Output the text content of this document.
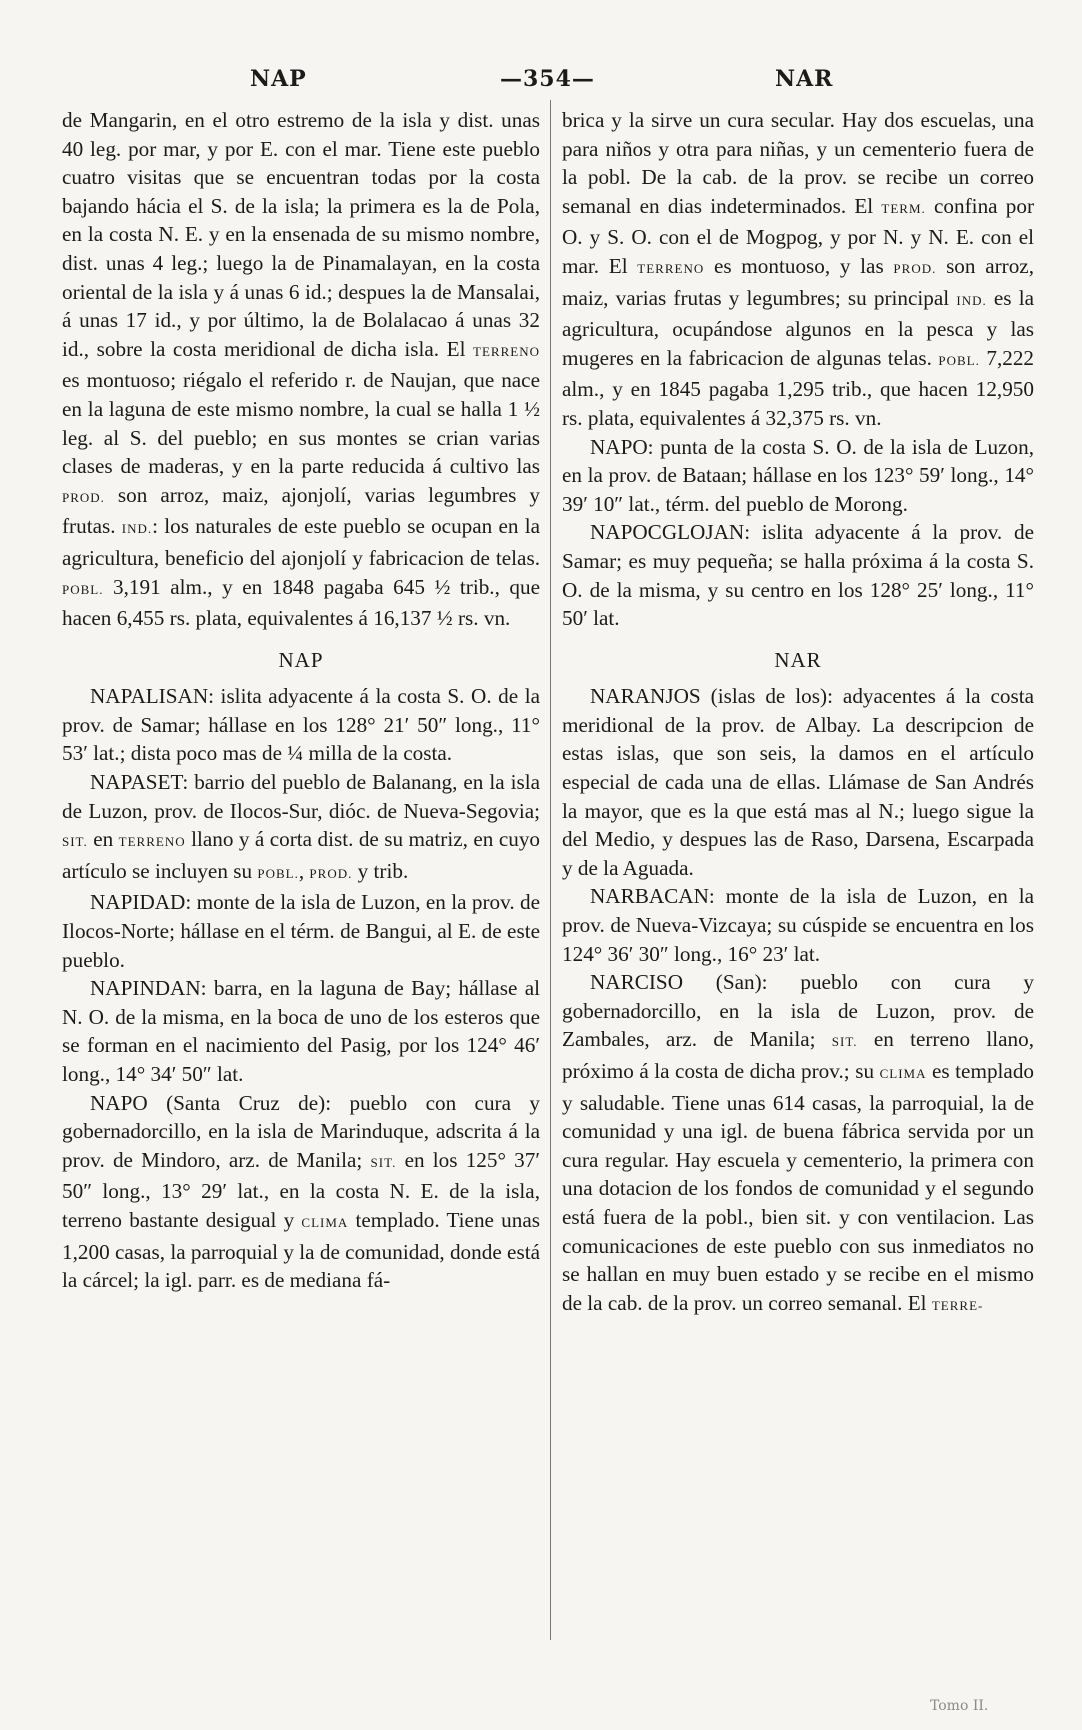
NAP	—354—	NAR

de Mangarin, en el otro estremo de la isla y dist. unas 40 leg. por mar, y por E. con el mar. Tiene este pueblo cuatro visitas que se encuentran todas por la costa bajando hácia el S. de la isla; la primera es la de Pola, en la costa N. E. y en la ensenada de su mismo nombre, dist. unas 4 leg.; luego la de Pinamalayan, en la costa oriental de la isla y á unas 6 id.; despues la de Mansalai, á unas 17 id., y por último, la de Bolalacao á unas 32 id., sobre la costa meridional de dicha isla. El TERRENO es montuoso; riégalo el referido r. de Naujan, que nace en la laguna de este mismo nombre, la cual se halla 1 ½ leg. al S. del pueblo; en sus montes se crian varias clases de maderas, y en la parte reducida á cultivo las PROD. son arroz, maiz, ajonjolí, varias legumbres y frutas. IND.: los naturales de este pueblo se ocupan en la agricultura, beneficio del ajonjolí y fabricacion de telas. POBL. 3,191 alm., y en 1848 pagaba 645 ½ trib., que hacen 6,455 rs. plata, equivalentes á 16,137 ½ rs. vn.

NAP

NAPALISAN: islita adyacente á la costa S. O. de la prov. de Samar; hállase en los 128° 21′ 50″ long., 11° 53′ lat.; dista poco mas de ¼ milla de la costa.

NAPASET: barrio del pueblo de Balanang, en la isla de Luzon, prov. de Ilocos-Sur, dióc. de Nueva-Segovia; SIT. en TERRENO llano y á corta dist. de su matriz, en cuyo artículo se incluyen su POBL., PROD. y trib.

NAPIDAD: monte de la isla de Luzon, en la prov. de Ilocos-Norte; hállase en el térm. de Bangui, al E. de este pueblo.

NAPINDAN: barra, en la laguna de Bay; hállase al N. O. de la misma, en la boca de uno de los esteros que se forman en el nacimiento del Pasig, por los 124° 46′ long., 14° 34′ 50″ lat.

NAPO (Santa Cruz de): pueblo con cura y gobernadorcillo, en la isla de Marinduque, adscrita á la prov. de Mindoro, arz. de Manila; SIT. en los 125° 37′ 50″ long., 13° 29′ lat., en la costa N. E. de la isla, terreno bastante desigual y CLIMA templado. Tiene unas 1,200 casas, la parroquial y la de comunidad, donde está la cárcel; la igl. parr. es de mediana fá-

brica y la sirve un cura secular. Hay dos escuelas, una para niños y otra para niñas, y un cementerio fuera de la pobl. De la cab. de la prov. se recibe un correo semanal en dias indeterminados. El TERM. confina por O. y S. O. con el de Mogpog, y por N. y N. E. con el mar. El TERRENO es montuoso, y las PROD. son arroz, maiz, varias frutas y legumbres; su principal IND. es la agricultura, ocupándose algunos en la pesca y las mugeres en la fabricacion de algunas telas. POBL. 7,222 alm., y en 1845 pagaba 1,295 trib., que hacen 12,950 rs. plata, equivalentes á 32,375 rs. vn.

NAPO: punta de la costa S. O. de la isla de Luzon, en la prov. de Bataan; hállase en los 123° 59′ long., 14° 39′ 10″ lat., térm. del pueblo de Morong.

NAPOCGLOJAN: islita adyacente á la prov. de Samar; es muy pequeña; se halla próxima á la costa S. O. de la misma, y su centro en los 128° 25′ long., 11° 50′ lat.

NAR

NARANJOS (islas de los): adyacentes á la costa meridional de la prov. de Albay. La descripcion de estas islas, que son seis, la damos en el artículo especial de cada una de ellas. Llámase de San Andrés la mayor, que es la que está mas al N.; luego sigue la del Medio, y despues las de Raso, Darsena, Escarpada y de la Aguada.

NARBACAN: monte de la isla de Luzon, en la prov. de Nueva-Vizcaya; su cúspide se encuentra en los 124° 36′ 30″ long., 16° 23′ lat.

NARCISO (San): pueblo con cura y gobernadorcillo, en la isla de Luzon, prov. de Zambales, arz. de Manila; SIT. en terreno llano, próximo á la costa de dicha prov.; su CLIMA es templado y saludable. Tiene unas 614 casas, la parroquial, la de comunidad y una igl. de buena fábrica servida por un cura regular. Hay escuela y cementerio, la primera con una dotacion de los fondos de comunidad y el segundo está fuera de la pobl., bien sit. y con ventilacion. Las comunicaciones de este pueblo con sus inmediatos no se hallan en muy buen estado y se recibe en el mismo de la cab. de la prov. un correo semanal. El TERRE-

Tomo II.
